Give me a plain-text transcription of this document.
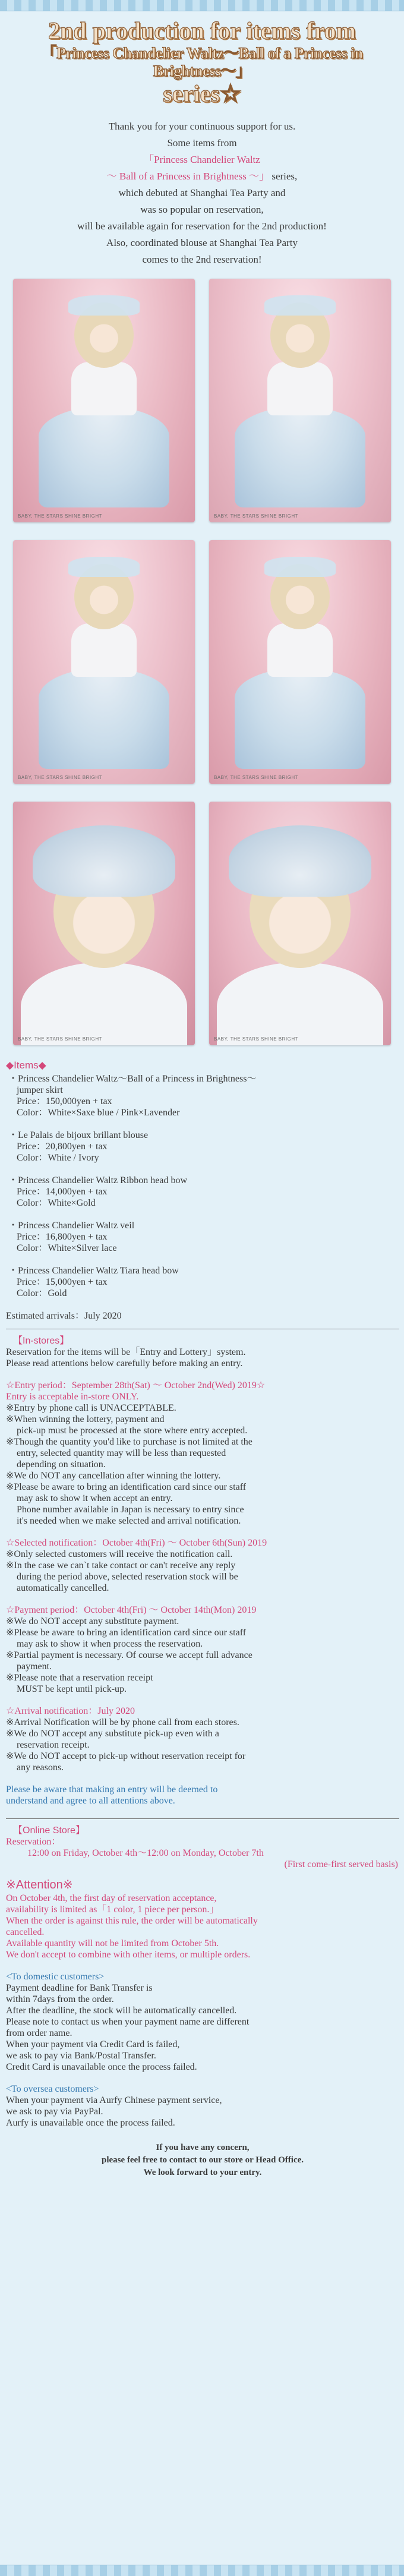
2nd production for items from

「Princess Chandelier Waltz～Ball of a Princess in Brightness～」

series☆

Thank you for your continuous support for us.
Some items from
「Princess Chandelier Waltz
～ Ball of a Princess in Brightness ～」 series,
which debuted at Shanghai Tea Party and
was so popular on reservation,
will be available again for reservation for the 2nd production!
Also, coordinated blouse at Shanghai Tea Party
comes to the 2nd reservation!
BABY, THE STARS SHINE BRIGHT	BABY, THE STARS SHINE BRIGHT
BABY, THE STARS SHINE BRIGHT	BABY, THE STARS SHINE BRIGHT
BABY, THE STARS SHINE BRIGHT	BABY, THE STARS SHINE BRIGHT
◆Items◆
・Princess Chandelier Waltz～Ball of a Princess in Brightness～
jumper skirt
Price：150,000yen + tax
Color：White×Saxe blue / Pink×Lavender
・Le Palais de bijoux brillant blouse
Price：20,800yen + tax
Color：White / Ivory
・Princess Chandelier Waltz Ribbon head bow
Price：14,000yen + tax
Color：White×Gold
・Princess Chandelier Waltz veil
Price：16,800yen + tax
Color：White×Silver lace
・Princess Chandelier Waltz Tiara head bow
Price：15,000yen + tax
Color：Gold
Estimated arrivals：July 2020
【In-stores】
Reservation for the items will be「Entry and Lottery」system.
Please read attentions below carefully before making an entry.
☆Entry period：September 28th(Sat) ～ October 2nd(Wed) 2019☆
Entry is acceptable in-store ONLY.
※Entry by phone call is UNACCEPTABLE.
※When winning the lottery, payment and
pick-up must be processed at the store where entry accepted.
※Though the quantity you'd like to purchase is not limited at the
entry, selected quantity may will be less than requested
depending on situation.
※We do NOT any cancellation after winning the lottery.
※Please be aware to bring an identification card since our staff
may ask to show it when accept an entry.
Phone number available in Japan is necessary to entry since
it's needed when we make selected and arrival notification.
☆Selected notification：October 4th(Fri) ～ October 6th(Sun) 2019
※Only selected customers will receive the notification call.
※In the case we can`t take contact or can't receive any reply
during the period above, selected reservation stock will be
automatically cancelled.
☆Payment period：October 4th(Fri) ～ October 14th(Mon) 2019
※We do NOT accept any substitute payment.
※Please be aware to bring an identification card since our staff
may ask to show it when process the reservation.
※Partial payment is necessary. Of course we accept full advance
payment.
※Please note that a reservation receipt
MUST be kept until pick-up.
☆Arrival notification：July 2020
※Arrival Notification will be by phone call from each stores.
※We do NOT accept any substitute pick-up even with a
reservation receipt.
※We do NOT accept to pick-up without reservation receipt for
any reasons.
Please be aware that making an entry will be deemed to
understand and agree to all attentions above.
【Online Store】
Reservation：
12:00 on Friday, October 4th～12:00 on Monday, October 7th
(First come-first served basis)
※Attention※
On October 4th, the first day of reservation acceptance,
availability is limited as「1 color, 1 piece per person.」
When the order is against this rule, the order will be automatically
cancelled.
Available quantity will not be limited from October 5th.
We don't accept to combine with other items, or multiple orders.
<To domestic customers>
Payment deadline for Bank Transfer is
within 7days from the order.
After the deadline, the stock will be automatically cancelled.
Please note to contact us when your payment name are different
from order name.
When your payment via Credit Card is failed,
we ask to pay via Bank/Postal Transfer.
Credit Card is unavailable once the process failed.
<To oversea customers>
When your payment via Aurfy Chinese payment service,
we ask to pay via PayPal.
Aurfy is unavailable once the process failed.
If you have any concern,
please feel free to contact to our store or Head Office.
We look forward to your entry.
